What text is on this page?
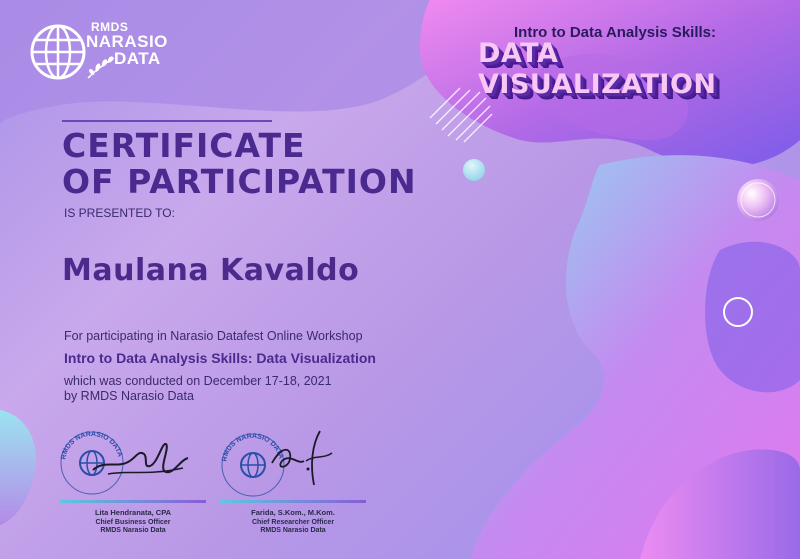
RMDS
NARASIO
DATA
Intro to Data Analysis Skills:
DATA VISUALIZATION
CERTIFICATE
OF PARTICIPATION
IS PRESENTED TO:
Maulana Kavaldo
For participating in Narasio Datafest Online Workshop
Intro to Data Analysis Skills: Data Visualization
which was conducted on December 17-18, 2021
by RMDS Narasio Data
RMDS NARASIO DATA
RMDS NARASIO DATA
Lita Hendranata, CPA
Chief Business Officer
RMDS Narasio Data
Farida, S.Kom., M.Kom.
Chief Researcher Officer
RMDS Narasio Data
